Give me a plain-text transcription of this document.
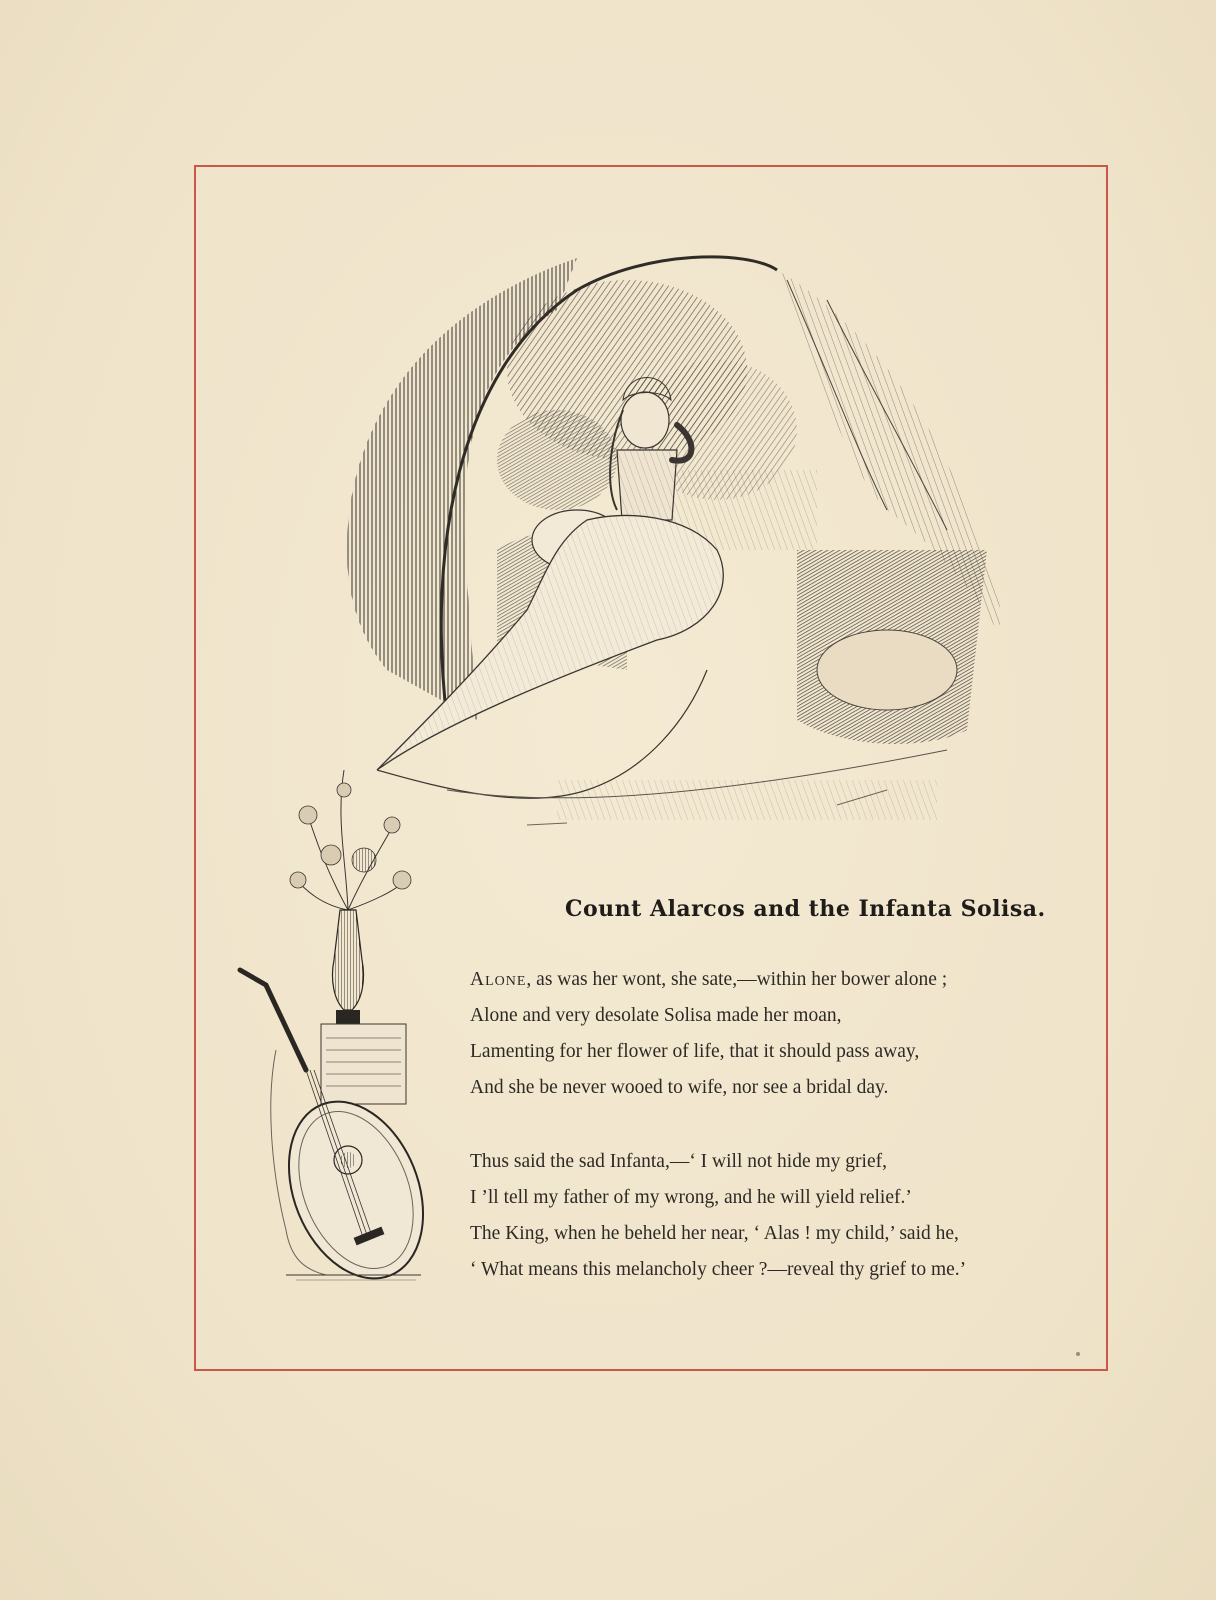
Count Alarcos and the Infanta Solisa.
Alone, as was her wont, she sate,—within her bower alone ;
Alone and very desolate Solisa made her moan,
Lamenting for her flower of life, that it should pass away,
And she be never wooed to wife, nor see a bridal day.
Thus said the sad Infanta,—‘ I will not hide my grief,
I ’ll tell my father of my wrong, and he will yield relief.’
The King, when he beheld her near, ‘ Alas ! my child,’ said he,
‘ What means this melancholy cheer ?—reveal thy grief to me.’
